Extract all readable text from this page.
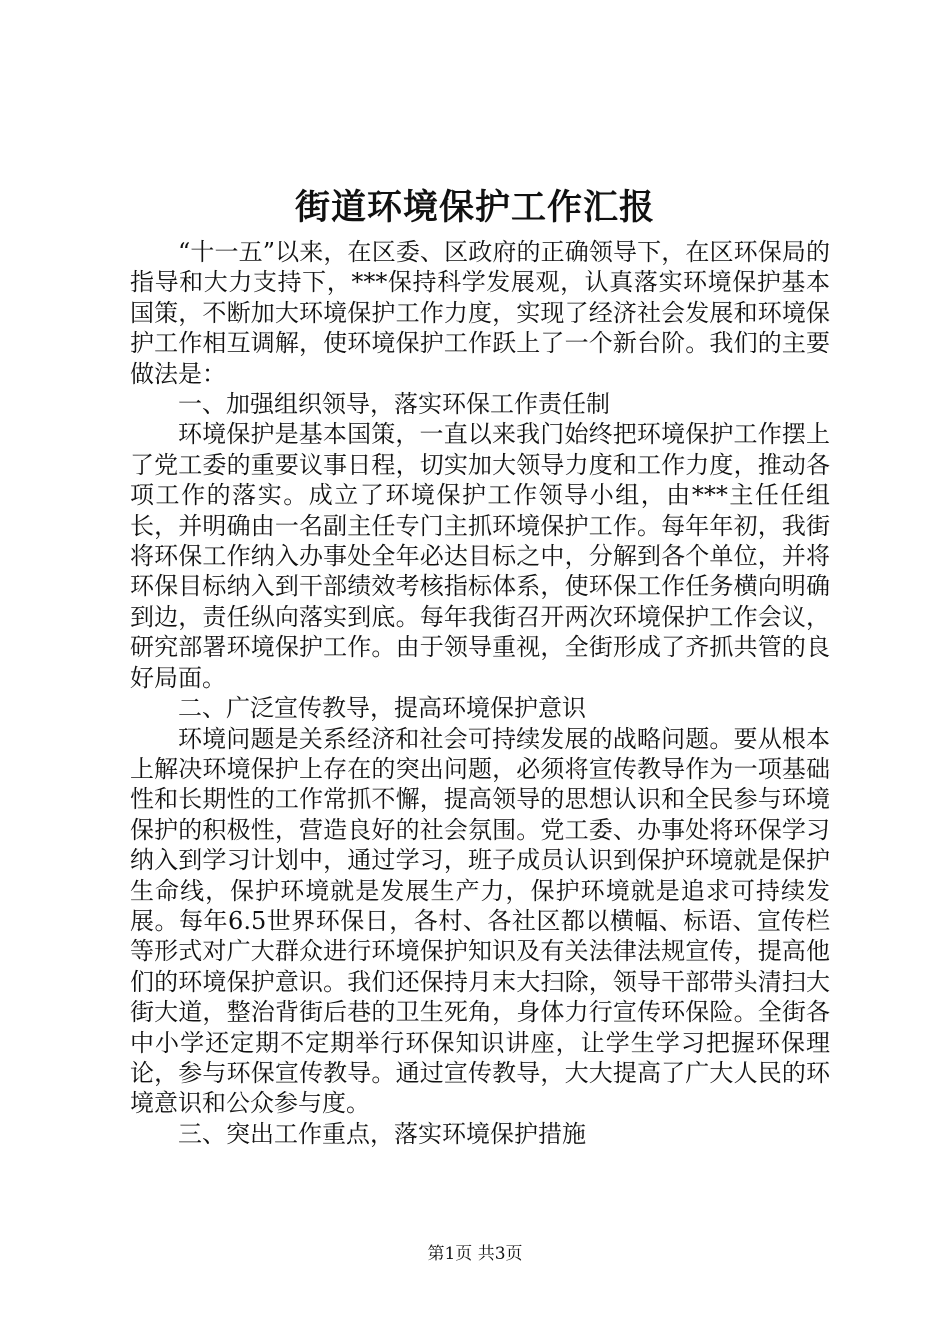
街道环境保护工作汇报

“十一五”以来，在区委、区政府的正确领导下，在区环保局的指导和大力支持下，***保持科学发展观，认真落实环境保护基本国策，不断加大环境保护工作力度，实现了经济社会发展和环境保护工作相互调解，使环境保护工作跃上了一个新台阶。我们的主要做法是：

一、加强组织领导，落实环保工作责任制

环境保护是基本国策，一直以来我门始终把环境保护工作摆上了党工委的重要议事日程，切实加大领导力度和工作力度，推动各项工作的落实。成立了环境保护工作领导小组，由***主任任组长，并明确由一名副主任专门主抓环境保护工作。每年年初，我街将环保工作纳入办事处全年必达目标之中，分解到各个单位，并将环保目标纳入到干部绩效考核指标体系，使环保工作任务横向明确到边，责任纵向落实到底。每年我街召开两次环境保护工作会议，研究部署环境保护工作。由于领导重视，全街形成了齐抓共管的良好局面。

二、广泛宣传教导，提高环境保护意识

环境问题是关系经济和社会可持续发展的战略问题。要从根本上解决环境保护上存在的突出问题，必须将宣传教导作为一项基础性和长期性的工作常抓不懈，提高领导的思想认识和全民参与环境保护的积极性，营造良好的社会氛围。党工委、办事处将环保学习纳入到学习计划中，通过学习，班子成员认识到保护环境就是保护生命线，保护环境就是发展生产力，保护环境就是追求可持续发展。每年6.5世界环保日，各村、各社区都以横幅、标语、宣传栏等形式对广大群众进行环境保护知识及有关法律法规宣传，提高他们的环境保护意识。我们还保持月末大扫除，领导干部带头清扫大街大道，整治背街后巷的卫生死角，身体力行宣传环保险。全街各中小学还定期不定期举行环保知识讲座，让学生学习把握环保理论，参与环保宣传教导。通过宣传教导，大大提高了广大人民的环境意识和公众参与度。

三、突出工作重点，落实环境保护措施

第1页 共3页
